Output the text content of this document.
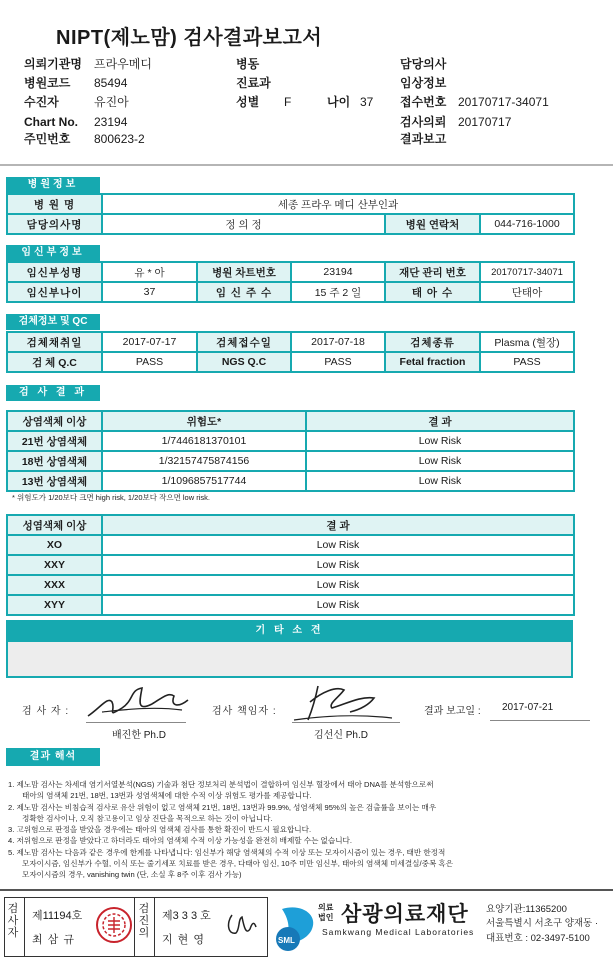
NIPT(제노맘) 검사결과보고서
의뢰기관명 프라우메디	병동	담당의사
병원코드 85494	진료과	임상정보
수진자	유진아	성별 F	나이 37 접수번호 20170717-34071
Chart No. 23194	검사의뢰 20170717
주민번호 800623-2	결과보고
병원정보
병 원 명	세종 프라우 메디 산부인과		
담당의사명	정 의 정	병원 연락처	044-716-1000
임신부정보
임신부성명	유 * 아	병원 차트번호	23194	재단 관리 번호	20170717-34071
임신부나이	37	임 신 주 수	15 주 2 일	태 아 수	단태아
검체정보 및 QC
검체채취일	2017-07-17	검체접수일	2017-07-18	검체종류	Plasma (혈장)
검 체 Q.C	PASS	NGS Q.C	PASS	Fetal fraction	PASS
검 사 결 과
상염색체 이상	위험도*	결 과
21번 상염색체	1/7446181370101	Low Risk
18번 상염색체	1/32157475874156	Low Risk
13번 상염색체	1/1096857517744	Low Risk
* 위험도가 1/20보다 크면 high risk, 1/20보다 작으면 low risk.
성염색체 이상	결 과
XO	Low Risk
XXY	Low Risk
XXX	Low Risk
XYY	Low Risk
기 타 소 견
검 사 자 :
배진한 Ph.D
검사 책임자 :
김선신 Ph.D
결과 보고일 : 2017-07-21
결과 해석
1. 제노맘 검사는 차세대 염기서열분석(NGS) 기술과 첨단 정보처리 분석법이 결합하여 임신부 혈장에서 태아 DNA를 분석함으로써
태아의 염색체 21번, 18번, 13번과 성염색체에 대한 수적 이상 위험도 평가를 제공합니다.
2. 제노맘 검사는 비침습적 검사로 유산 위험이 없고 염색체 21번, 18번, 13번과 99.9%, 성염색체 95%의 높은 검출률을 보이는 매우
정확한 검사이나, 오직 참고용이고 임상 진단을 목적으로 하는 것이 아닙니다.
3. 고위험으로 판정을 받았을 경우에는 태아의 염색체 검사를 통한 확진이 반드시 필요합니다.
4. 저위험으로 판정을 받았다고 하더라도 태아의 염색체 수적 이상 가능성을 완전히 배제할 수는 없습니다.
5. 제노맘 검사는 다음과 같은 경우에 한계를 나타냅니다: 임신부가 해당 염색체의 수적 이상 또는 모자이시즘이 있는 경우, 태반 한정적
모자이시즘, 임신부가 수혈, 이식 또는 줄기세포 치료를 받은 경우, 다태아 임신, 10주 미만 임신부, 태아의 염색체 미세결실/중복 혹은
모자이시즘의 경우, vanishing twin (단, 소실 후 8주 이후 검사 가능)
검사자
제11194호
최 삼 규
검진의
제3 3 3 호
지 현 영	SML
의료
법인 삼광의료재단
Samkwang Medical Laboratories
요양기관:11365200
서울특별시 서초구 양재동 ·
대표번호 : 02-3497-5100
